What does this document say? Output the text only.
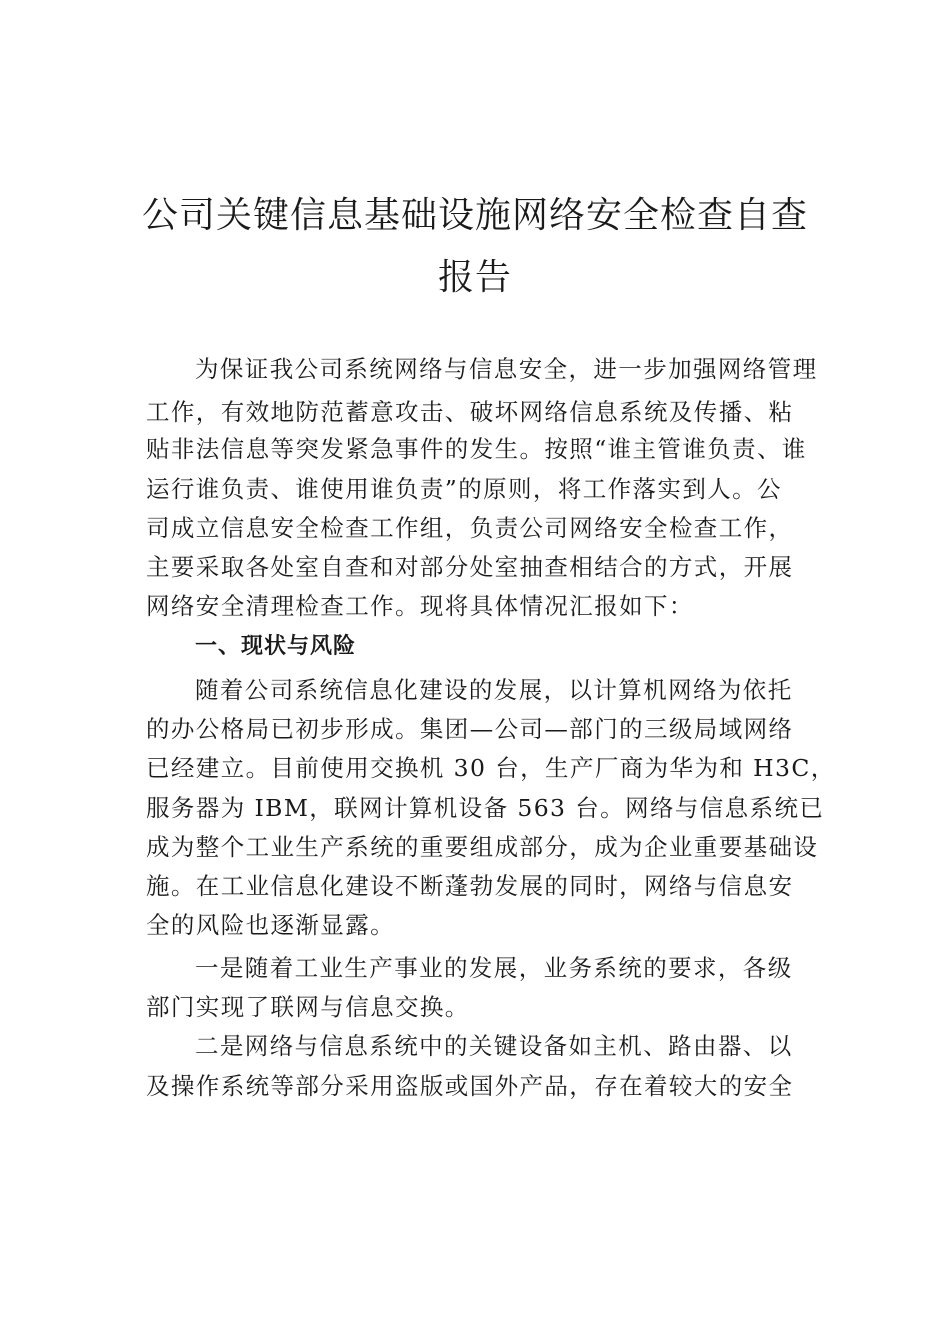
公司关键信息基础设施网络安全检查自查
报告
为保证我公司系统网络与信息安全，进一步加强网络管理
工作，有效地防范蓄意攻击、破坏网络信息系统及传播、粘
贴非法信息等突发紧急事件的发生。按照“谁主管谁负责、谁
运行谁负责、谁使用谁负责”的原则，将工作落实到人。公
司成立信息安全检查工作组，负责公司网络安全检查工作，
主要采取各处室自查和对部分处室抽查相结合的方式，开展
网络安全清理检查工作。现将具体情况汇报如下：
一、现状与风险
随着公司系统信息化建设的发展，以计算机网络为依托
的办公格局已初步形成。集团—公司—部门的三级局域网络
已经建立。目前使用交换机 30 台，生产厂商为华为和 H3C，
服务器为 IBM，联网计算机设备 563 台。网络与信息系统已
成为整个工业生产系统的重要组成部分，成为企业重要基础设
施。在工业信息化建设不断蓬勃发展的同时，网络与信息安
全的风险也逐渐显露。
一是随着工业生产事业的发展，业务系统的要求，各级
部门实现了联网与信息交换。
二是网络与信息系统中的关键设备如主机、路由器、以
及操作系统等部分采用盗版或国外产品，存在着较大的安全
